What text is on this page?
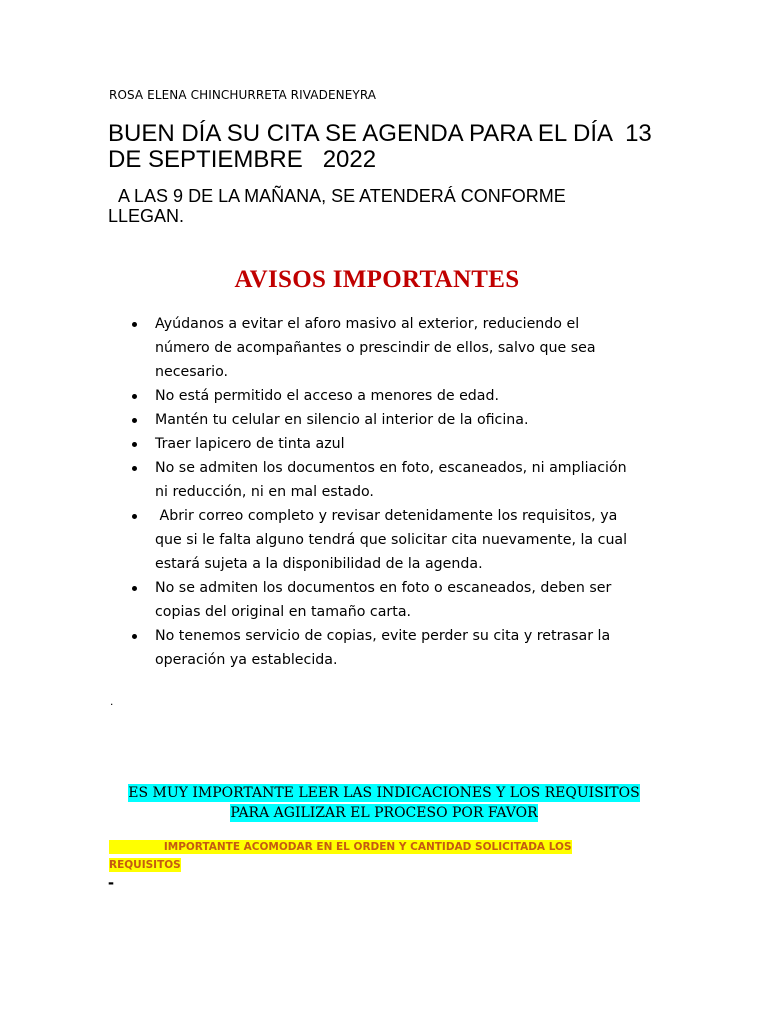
ROSA ELENA CHINCHURRETA RIVADENEYRA
BUEN DÍA SU CITA SE AGENDA PARA EL DÍA  13
DE SEPTIEMBRE   2022
A LAS 9 DE LA MAÑANA, SE ATENDERÁ CONFORME
LLEGAN.
AVISOS IMPORTANTES
Ayúdanos a evitar el aforo masivo al exterior, reduciendo el
número de acompañantes o prescindir de ellos, salvo que sea
necesario.
No está permitido el acceso a menores de edad.
Mantén tu celular en silencio al interior de la oficina.
Traer lapicero de tinta azul
No se admiten los documentos en foto, escaneados, ni ampliación
ni reducción, ni en mal estado.
Abrir correo completo y revisar detenidamente los requisitos, ya
que si le falta alguno tendrá que solicitar cita nuevamente, la cual
estará sujeta a la disponibilidad de la agenda.
No se admiten los documentos en foto o escaneados, deben ser
copias del original en tamaño carta.
No tenemos servicio de copias, evite perder su cita y retrasar la
operación ya establecida.
.
ES MUY IMPORTANTE LEER LAS INDICACIONES Y LOS REQUISITOS
PARA AGILIZAR EL PROCESO POR FAVOR
IMPORTANTE ACOMODAR EN EL ORDEN Y CANTIDAD SOLICITADA LOS
REQUISITOS
-
